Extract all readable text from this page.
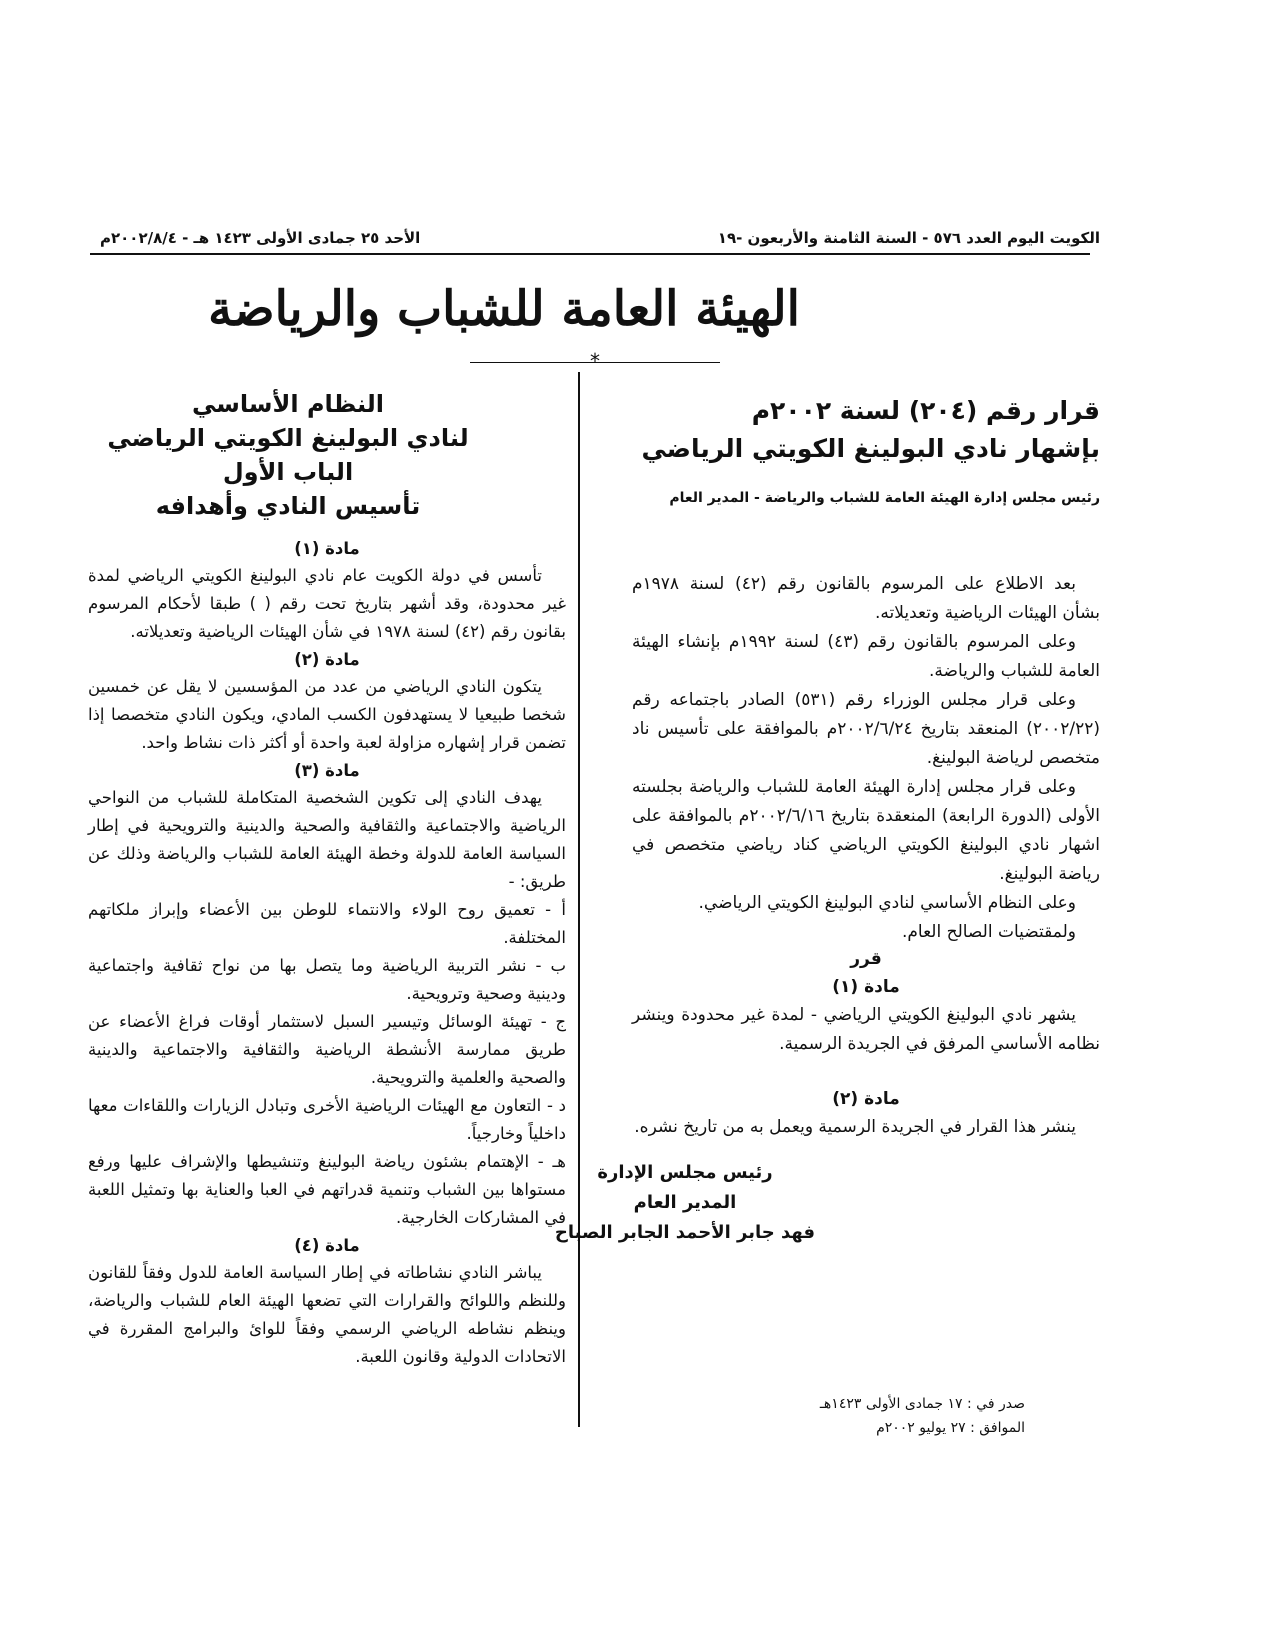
الكويت اليوم العدد ٥٧٦ - السنة الثامنة والأربعون -١٩
الأحد ٢٥ جمادى الأولى ١٤٢٣ هـ - ٢٠٠٢/٨/٤م
الهيئة العامة للشباب والرياضة
*
قرار رقم (٢٠٤) لسنة ٢٠٠٢م
بإشهار نادي البولينغ الكويتي الرياضي
رئيس مجلس إدارة الهيئة العامة للشباب والرياضة - المدير العام

بعد الاطلاع على المرسوم بالقانون رقم (٤٢) لسنة ١٩٧٨م بشأن الهيئات الرياضية وتعديلاته.

وعلى المرسوم بالقانون رقم (٤٣) لسنة ١٩٩٢م بإنشاء الهيئة العامة للشباب والرياضة.

وعلى قرار مجلس الوزراء رقم (٥٣١) الصادر باجتماعه رقم (٢٠٠٢/٢٢) المنعقد بتاريخ ٢٠٠٢/٦/٢٤م بالموافقة على تأسيس ناد متخصص لرياضة البولينغ.

وعلى قرار مجلس إدارة الهيئة العامة للشباب والرياضة بجلسته الأولى (الدورة الرابعة) المنعقدة بتاريخ ٢٠٠٢/٦/١٦م بالموافقة على اشهار نادي البولينغ الكويتي الرياضي كناد رياضي متخصص في رياضة البولينغ.

وعلى النظام الأساسي لنادي البولينغ الكويتي الرياضي.

ولمقتضيات الصالح العام.

قرر

مادة (١)

يشهر نادي البولينغ الكويتي الرياضي - لمدة غير محدودة وينشر نظامه الأساسي المرفق في الجريدة الرسمية.

مادة (٢)

ينشر هذا القرار في الجريدة الرسمية ويعمل به من تاريخ نشره.

رئيس مجلس الإدارة
المدير العام
فهد جابر الأحمد الجابر الصباح
صدر في : ١٧ جمادى الأولى ١٤٢٣هـ
الموافق : ٢٧ يوليو ٢٠٠٢م
النظام الأساسي
لنادي البولينغ الكويتي الرياضي
الباب الأول
تأسيس النادي وأهدافه

مادة (١)

تأسس في دولة الكويت عام نادي البولينغ الكويتي الرياضي لمدة غير محدودة، وقد أشهر بتاريخ تحت رقم ( ) طبقا لأحكام المرسوم بقانون رقم (٤٢) لسنة ١٩٧٨ في شأن الهيئات الرياضية وتعديلاته.

مادة (٢)

يتكون النادي الرياضي من عدد من المؤسسين لا يقل عن خمسين شخصا طبيعيا لا يستهدفون الكسب المادي، ويكون النادي متخصصا إذا تضمن قرار إشهاره مزاولة لعبة واحدة أو أكثر ذات نشاط واحد.

مادة (٣)

يهدف النادي إلى تكوين الشخصية المتكاملة للشباب من النواحي الرياضية والاجتماعية والثقافية والصحية والدينية والترويحية في إطار السياسة العامة للدولة وخطة الهيئة العامة للشباب والرياضة وذلك عن طريق: -

أ - تعميق روح الولاء والانتماء للوطن بين الأعضاء وإبراز ملكاتهم المختلفة.

ب - نشر التربية الرياضية وما يتصل بها من نواح ثقافية واجتماعية ودينية وصحية وترويحية.

ج - تهيئة الوسائل وتيسير السبل لاستثمار أوقات فراغ الأعضاء عن طريق ممارسة الأنشطة الرياضية والثقافية والاجتماعية والدينية والصحية والعلمية والترويحية.

د - التعاون مع الهيئات الرياضية الأخرى وتبادل الزيارات واللقاءات معها داخلياً وخارجياً.

هـ - الإهتمام بشئون رياضة البولينغ وتنشيطها والإشراف عليها ورفع مستواها بين الشباب وتنمية قدراتهم في العبا والعناية بها وتمثيل اللعبة في المشاركات الخارجية.

مادة (٤)

يباشر النادي نشاطاته في إطار السياسة العامة للدول وفقاً للقانون وللنظم واللوائح والقرارات التي تضعها الهيئة العام للشباب والرياضة، وينظم نشاطه الرياضي الرسمي وفقاً للوائ والبرامج المقررة في الاتحادات الدولية وقانون اللعبة.
